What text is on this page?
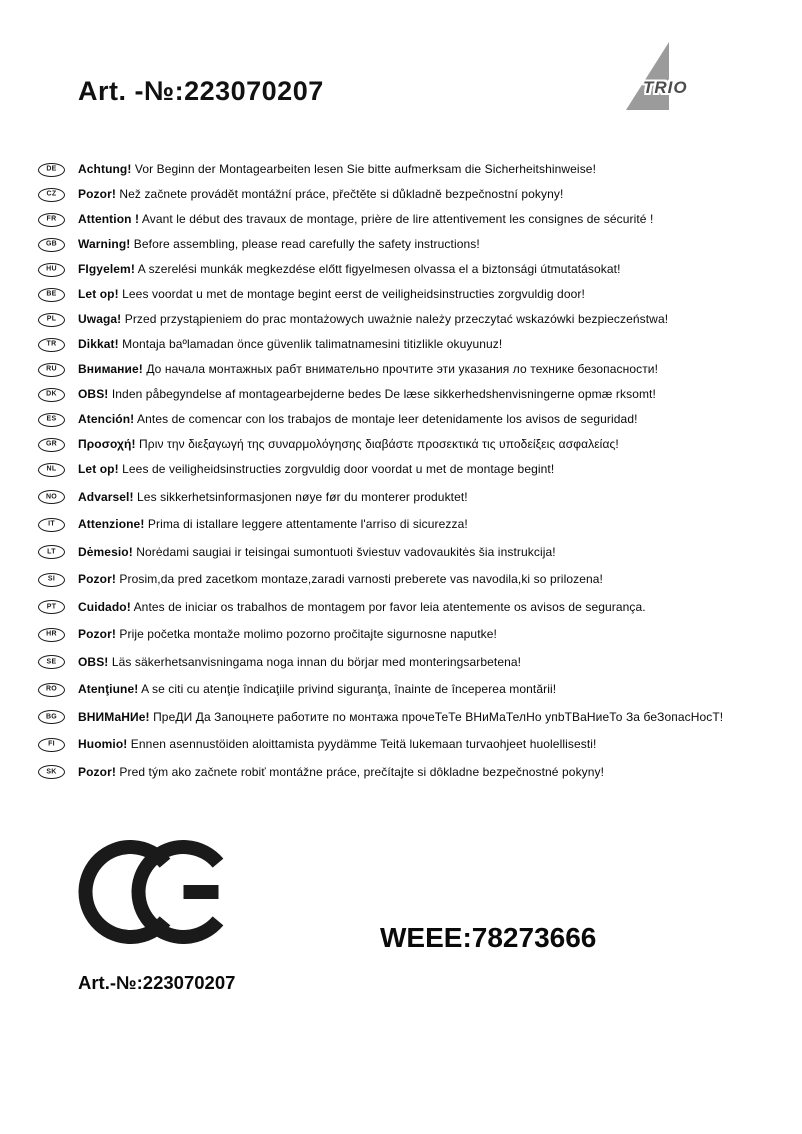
Art. -№:223070207	TRIO
DE Achtung! Vor Beginn der Montagearbeiten lesen Sie bitte aufmerksam die Sicherheitshinweise!
CZ Pozor! Než začnete provádět montážní práce, přečtěte si důkladně bezpečnostní pokyny!
FR Attention ! Avant le début des travaux de montage, prière de lire attentivement les consignes de sécurité !
GB Warning! Before assembling, please read carefully the safety instructions!
HU FIgyelem! A szerelési munkák megkezdése előtt figyelmesen olvassa el a biztonsági útmutatásokat!
BE Let op! Lees voordat u met de montage begint eerst de veiligheidsinstructies zorgvuldig door!
PL Uwaga! Przed przystąpieniem do prac montażowych uważnie należy przeczytać wskazówki bezpieczeństwa!
TR Dikkat! Montaja baºlamadan önce güvenlik talimatnamesini titizlikle okuyunuz!
RU Внимание! До начала монтажных рабт внимательно прочтите эти указания ло технике безопасности!
DK OBS! Inden påbegyndelse af montagearbejderne bedes De læse sikkerhedshenvisningerne opmæ rksomt!
ES Atención! Antes de comencar con los trabajos de montaje leer detenidamente los avisos de seguridad!
GR Προσοχή! Πριν την διεξαγωγή της συναρμολόγησης διαβάστε προσεκτικά τις υποδείξεις ασφαλείας!
NL Let op! Lees de veiligheidsinstructies zorgvuldig door voordat u met de montage begint!
NO Advarsel! Les sikkerhetsinformasjonen nøye før du monterer produktet!
IT Attenzione! Prima di istallare leggere attentamente l'arriso di sicurezza!
LT Dėmesio! Norėdami saugiai ir teisingai sumontuoti šviestuv vadovaukitės šia instrukcija!
SI Pozor! Prosim,da pred zacetkom montaze,zaradi varnosti preberete vas navodila,ki so prilozena!
PT Cuidado! Antes de iniciar os trabalhos de montagem por favor leia atentemente os avisos de segurança.
HR Pozor! Prije početka montaže molimo pozorno pročitajte sigurnosne naputke!
SE OBS! Läs säkerhetsanvisningama noga innan du börjar med monteringsarbetena!
RO Atenţiune! A se citi cu atenţie îndicaţiile privind siguranţa, înainte de începerea montării!
BG ВНИМаНИе! ПреДИ Да Запоцнете работите по монтажа прочеТеТе ВНиМаТелНо упbТВаНиеТо За беЗопасНосТ!
FI Huomio! Ennen asennustöiden aloittamista pyydämme Teitä lukemaan turvaohjeet huolellisesti!
SK Pozor! Pred tým ako začnete robiť montážne práce, prečítajte si dôkladne bezpečnostné pokyny!
WEEE:78273666
Art.-№:223070207
